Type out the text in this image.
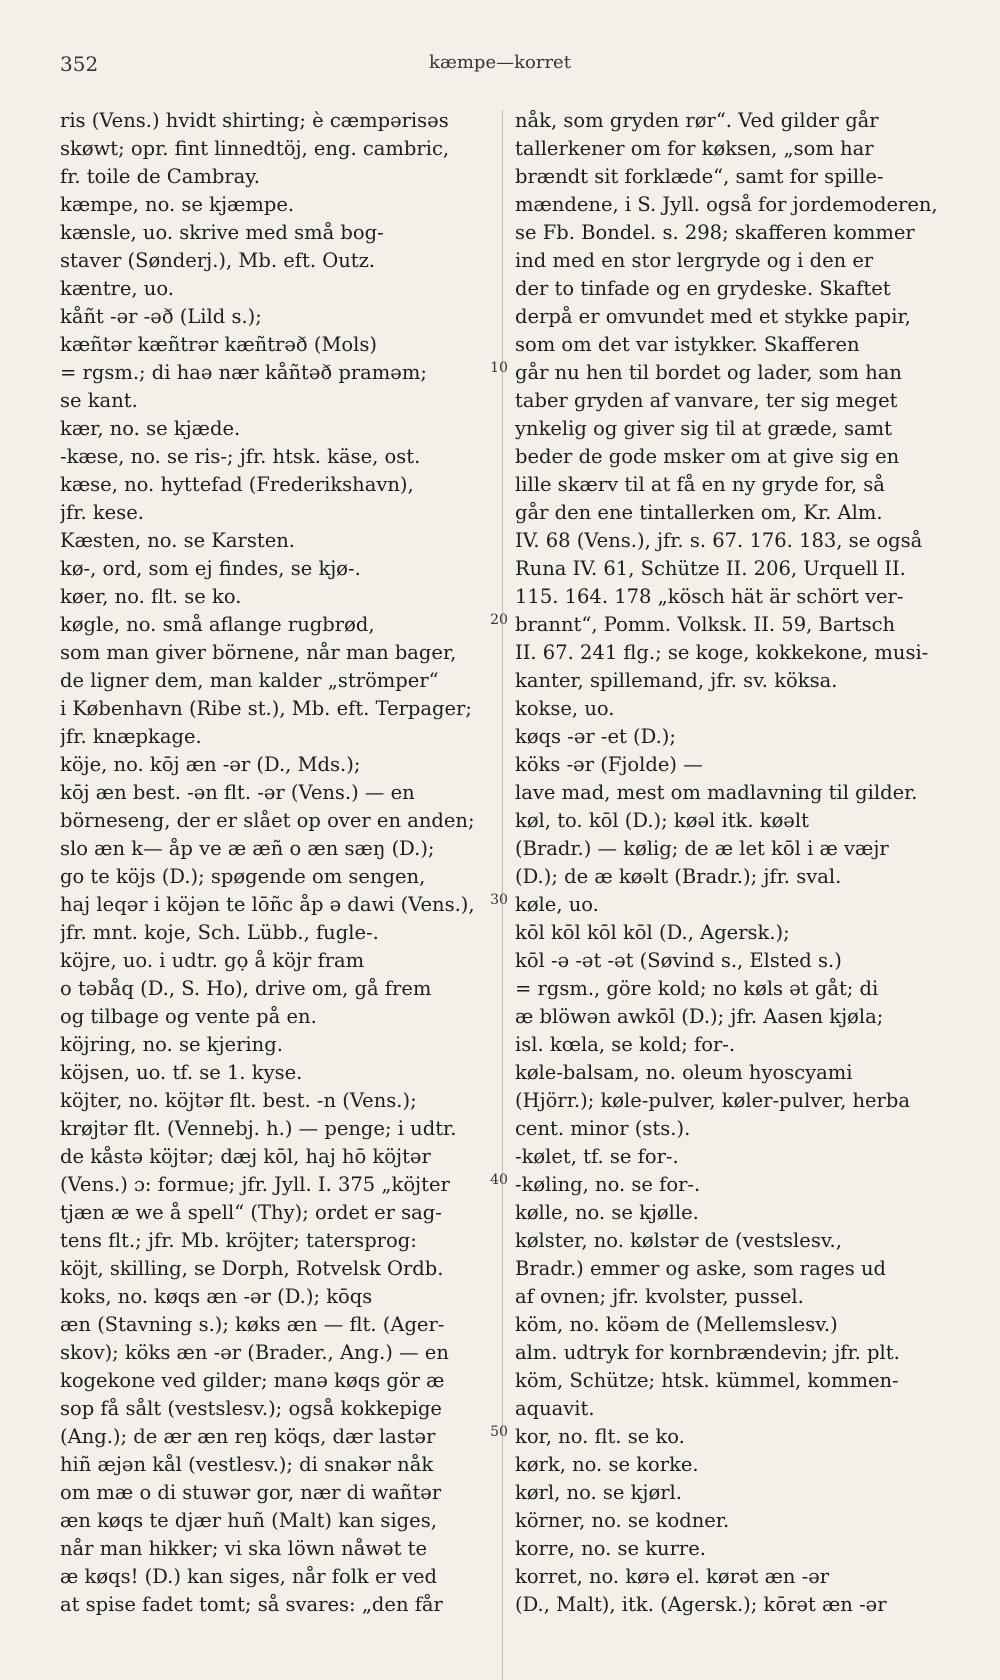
352	kæmpe—korret
ris (Vens.) hvidt shirting; è cæmpərisəs
skøwt; opr. fint linnedtöj, eng. cambric,
fr. toile de Cambray.
kæmpe, no. se kjæmpe.
kænsle, uo. skrive med små bog-
staver (Sønderj.), Mb. eft. Outz.
kæntre, uo.
kåñt -ər -əð (Lild s.);
kæñtər kæñtrər kæñtrəð (Mols)
= rgsm.; di haə nær kåñtəð praməm;
se kant.
kær, no. se kjæde.
-kæse, no. se ris-; jfr. htsk. käse, ost.
kæse, no. hyttefad (Frederikshavn),
jfr. kese.
Kæsten, no. se Karsten.
kø-, ord, som ej findes, se kjø-.
køer, no. flt. se ko.
køgle, no. små aflange rugbrød,
som man giver börnene, når man bager,
de ligner dem, man kalder „strömper“
i København (Ribe st.), Mb. eft. Terpager;
jfr. knæpkage.
köje, no. kōj æn -ər (D., Mds.);
kōj æn best. -ən flt. -ər (Vens.) — en
börneseng, der er slået op over en anden;
slo æn k— åp ve æ æñ o æn sæŋ (D.);
go te köjs (D.); spøgende om sengen,
haj leqər i köjən te lōñc åp ə dawi (Vens.),
jfr. mnt. koje, Sch. Lübb., fugle-.
köjre, uo. i udtr. gọ å köjr fram
o təbåq (D., S. Ho), drive om, gå frem
og tilbage og vente på en.
köjring, no. se kjering.
köjsen, uo. tf. se 1. kyse.
köjter, no. köjtər flt. best. -n (Vens.);
krøjtər flt. (Vennebj. h.) — penge; i udtr.
de kåstə köjtər; dæj kōl, haj hō köjtər
(Vens.) ɔ: formue; jfr. Jyll. I. 375 „köjter
tjæn æ we å spell“ (Thy); ordet er sag-
tens flt.; jfr. Mb. kröjter; tatersprog:
köjt, skilling, se Dorph, Rotvelsk Ordb.
koks, no. køqs æn -ər (D.); kōqs
æn (Stavning s.); køks æn — flt. (Ager-
skov); köks æn -ər (Brader., Ang.) — en
kogekone ved gilder; manə køqs gör æ
sop få sålt (vestslesv.); også kokkepige
(Ang.); de ær æn reŋ köqs, dær lastər
hiñ æjən kål (vestlesv.); di snakər nåk
om mæ o di stuwər gor, nær di wañtər
æn køqs te djær huñ (Malt) kan siges,
når man hikker; vi ska löwn nåwət te
æ køqs! (D.) kan siges, når folk er ved
at spise fadet tomt; så svares: „den får
nåk, som gryden rør“. Ved gilder går
tallerkener om for køksen, „som har
brændt sit forklæde“, samt for spille-
mændene, i S. Jyll. også for jordemoderen,
se Fb. Bondel. s. 298; skafferen kommer
ind med en stor lergryde og i den er
der to tinfade og en grydeske. Skaftet
derpå er omvundet med et stykke papir,
som om det var istykker. Skafferen
går nu hen til bordet og lader, som han
taber gryden af vanvare, ter sig meget
ynkelig og giver sig til at græde, samt
beder de gode msker om at give sig en
lille skærv til at få en ny gryde for, så
går den ene tintallerken om, Kr. Alm.
IV. 68 (Vens.), jfr. s. 67. 176. 183, se også
Runa IV. 61, Schütze II. 206, Urquell II.
115. 164. 178 „kösch hät är schört ver-
brannt“, Pomm. Volksk. II. 59, Bartsch
II. 67. 241 flg.; se koge, kokkekone, musi-
kanter, spillemand, jfr. sv. köksa.
kokse, uo.
køqs -ər -et (D.);
köks -ər (Fjolde) —
lave mad, mest om madlavning til gilder.
køl, to. kōl (D.); køəl itk. køəlt
(Bradr.) — kølig; de æ let kōl i æ væjr
(D.); de æ køəlt (Bradr.); jfr. sval.
køle, uo.
kōl kōl kōl kōl (D., Agersk.);
kōl -ə -ət -ət (Søvind s., Elsted s.)
= rgsm., göre kold; no køls ət gåt; di
æ blöwən awkōl (D.); jfr. Aasen kjøla;
isl. kœla, se kold; for-.
køle-balsam, no. oleum hyoscyami
(Hjörr.); køle-pulver, køler-pulver, herba
cent. minor (sts.).
-kølet, tf. se for-.
-køling, no. se for-.
kølle, no. se kjølle.
kølster, no. kølstər de (vestslesv.,
Bradr.) emmer og aske, som rages ud
af ovnen; jfr. kvolster, pussel.
köm, no. köəm de (Mellemslesv.)
alm. udtryk for kornbrændevin; jfr. plt.
köm, Schütze; htsk. kümmel, kommen-
aquavit.
kor, no. flt. se ko.
kørk, no. se korke.
kørl, no. se kjørl.
körner, no. se kodner.
korre, no. se kurre.
korret, no. kørə el. kørət æn -ər
(D., Malt), itk. (Agersk.); kōrət æn -ər
10
20
30
40
50
